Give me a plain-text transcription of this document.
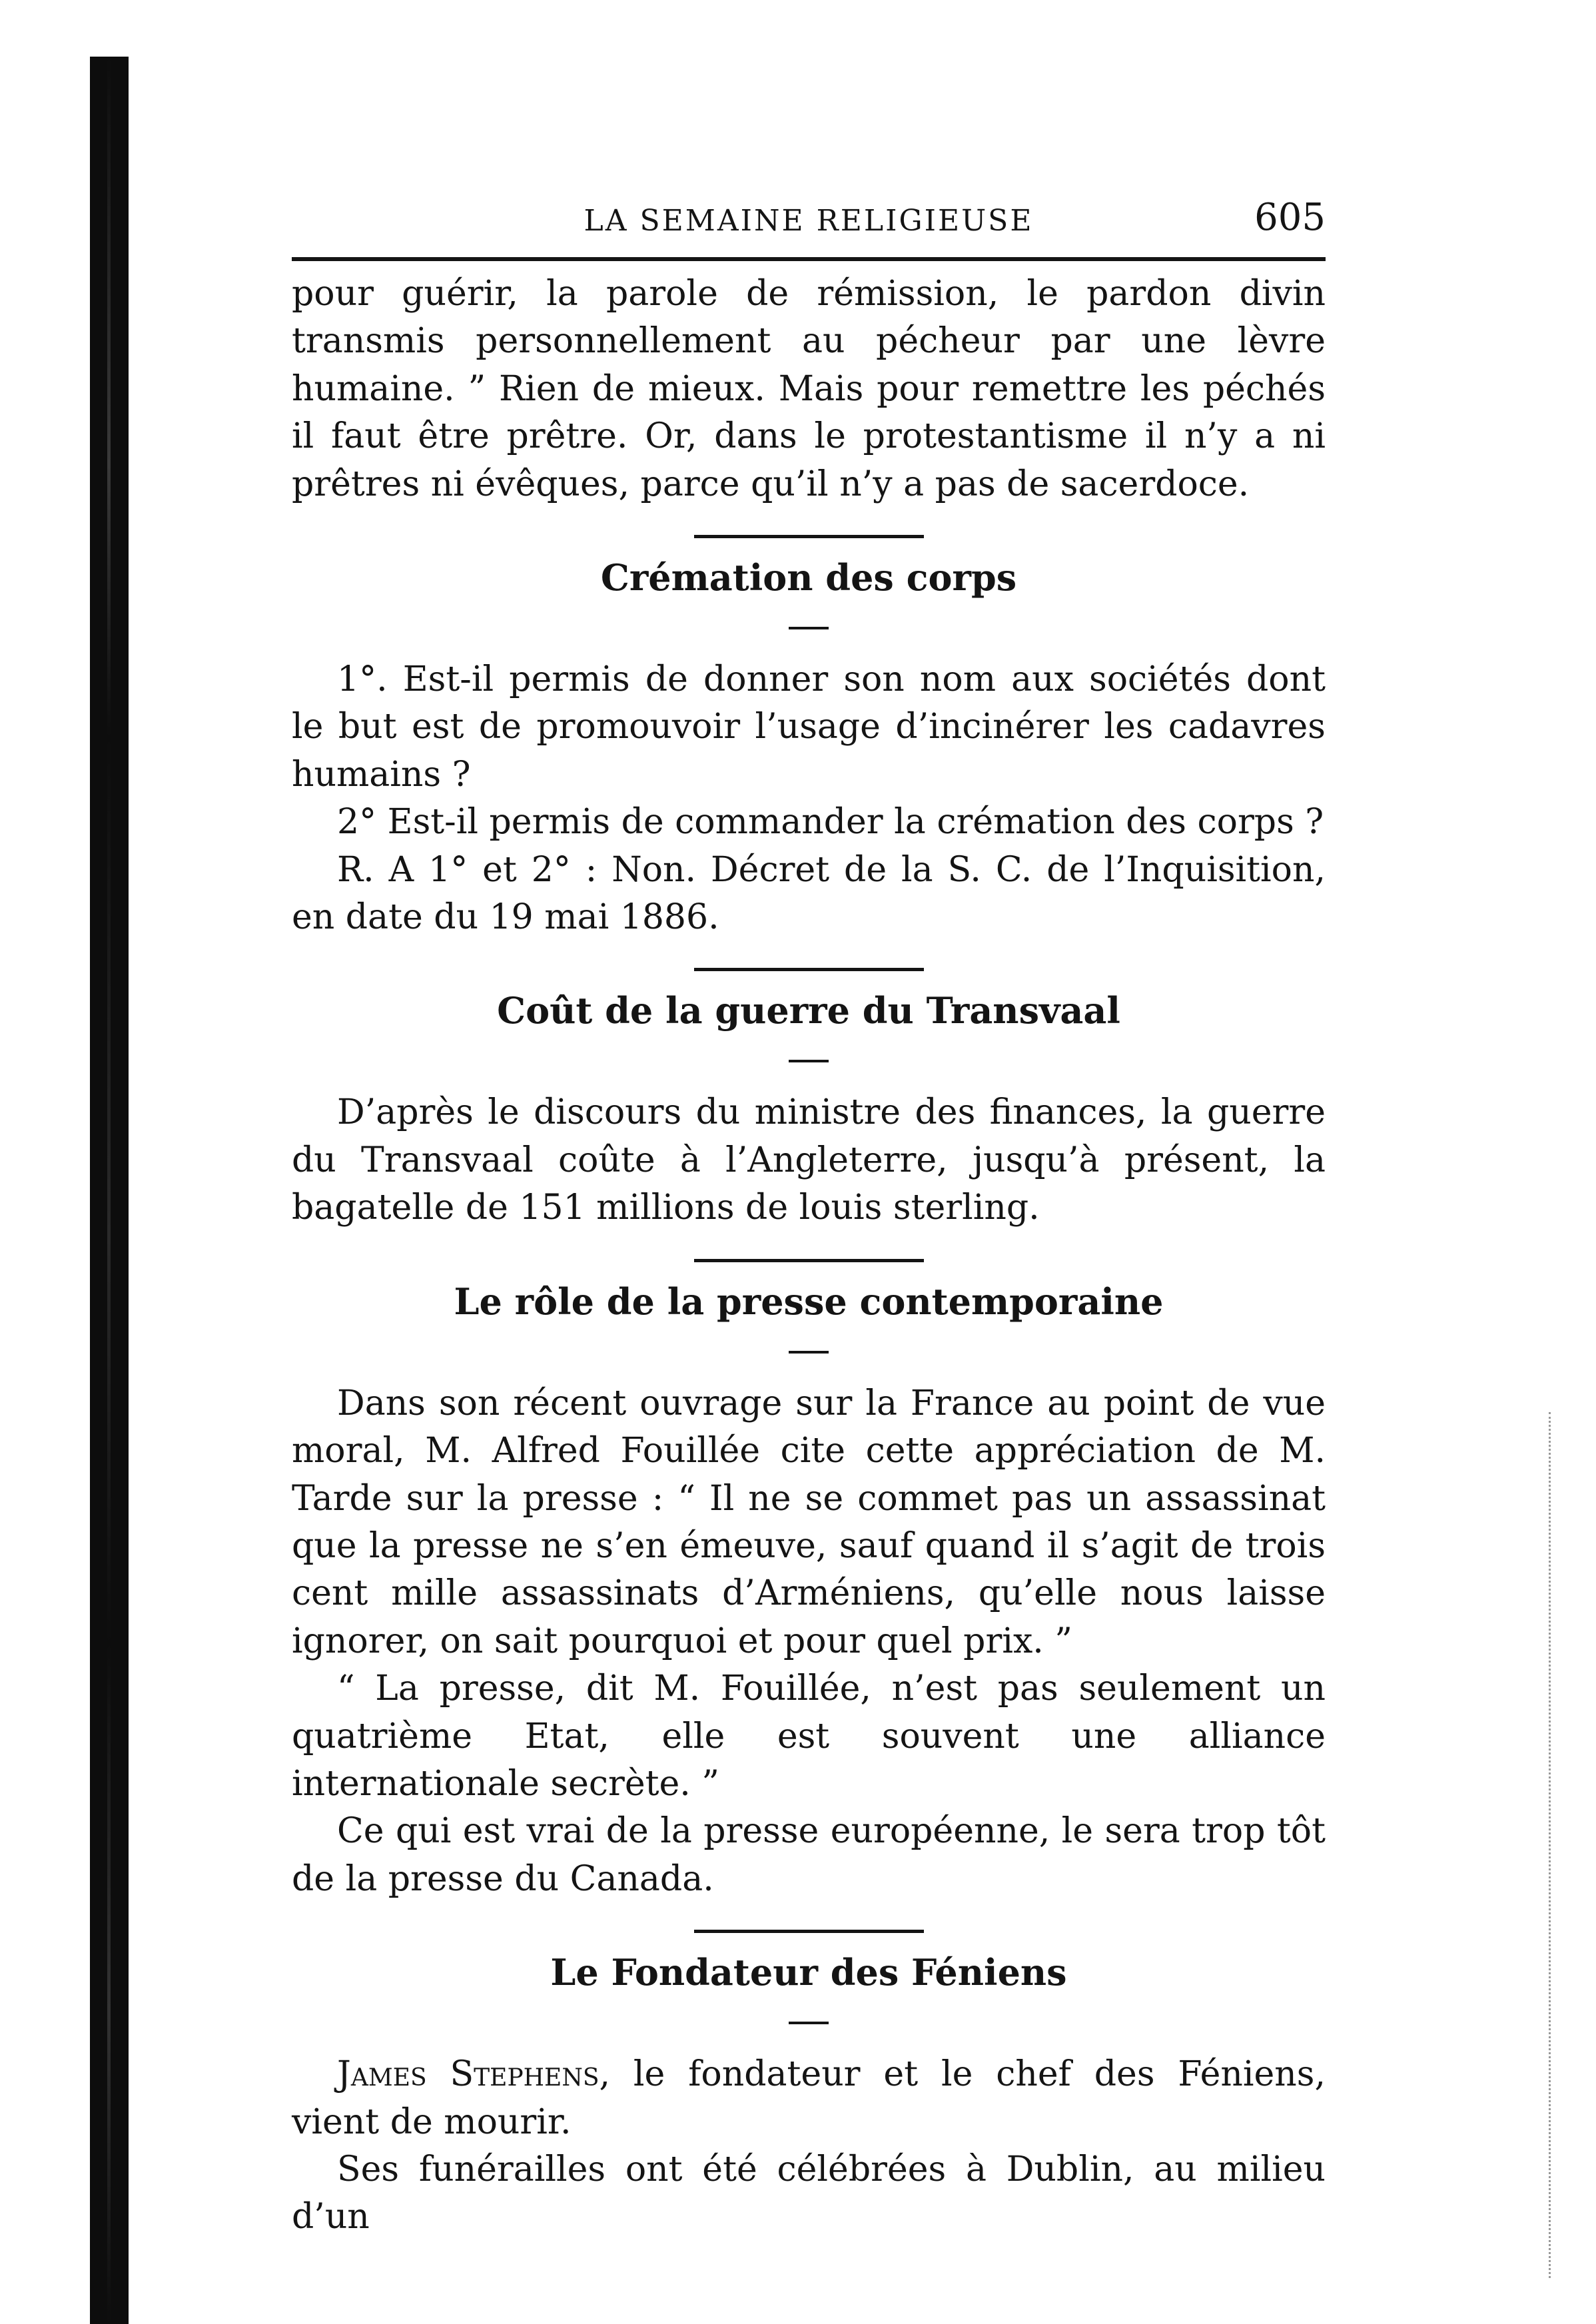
LA SEMAINE RELIGIEUSE	605

pour guérir, la parole de rémission, le pardon divin transmis personnellement au pécheur par une lèvre humaine. ” Rien de mieux. Mais pour remettre les péchés il faut être prêtre. Or, dans le protestantisme il n’y a ni prêtres ni évêques, parce qu’il n’y a pas de sacerdoce.

Crémation des corps

1°. Est-il permis de donner son nom aux sociétés dont le but est de promouvoir l’usage d’incinérer les cadavres humains ?

2° Est-il permis de commander la crémation des corps ?

R. A 1° et 2° : Non. Décret de la S. C. de l’Inquisition, en date du 19 mai 1886.

Coût de la guerre du Transvaal

D’après le discours du ministre des finances, la guerre du Transvaal coûte à l’Angleterre, jusqu’à présent, la bagatelle de 151 millions de louis sterling.

Le rôle de la presse contemporaine

Dans son récent ouvrage sur la France au point de vue moral, M. Alfred Fouillée cite cette appréciation de M. Tarde sur la presse : “ Il ne se commet pas un assassinat que la presse ne s’en émeuve, sauf quand il s’agit de trois cent mille assassinats d’Arméniens, qu’elle nous laisse ignorer, on sait pourquoi et pour quel prix. ”

“ La presse, dit M. Fouillée, n’est pas seulement un quatrième Etat, elle est souvent une alliance internationale secrète. ”

Ce qui est vrai de la presse européenne, le sera trop tôt de la presse du Canada.

Le Fondateur des Féniens

James Stephens, le fondateur et le chef des Féniens, vient de mourir.

Ses funérailles ont été célébrées à Dublin, au milieu d’un
